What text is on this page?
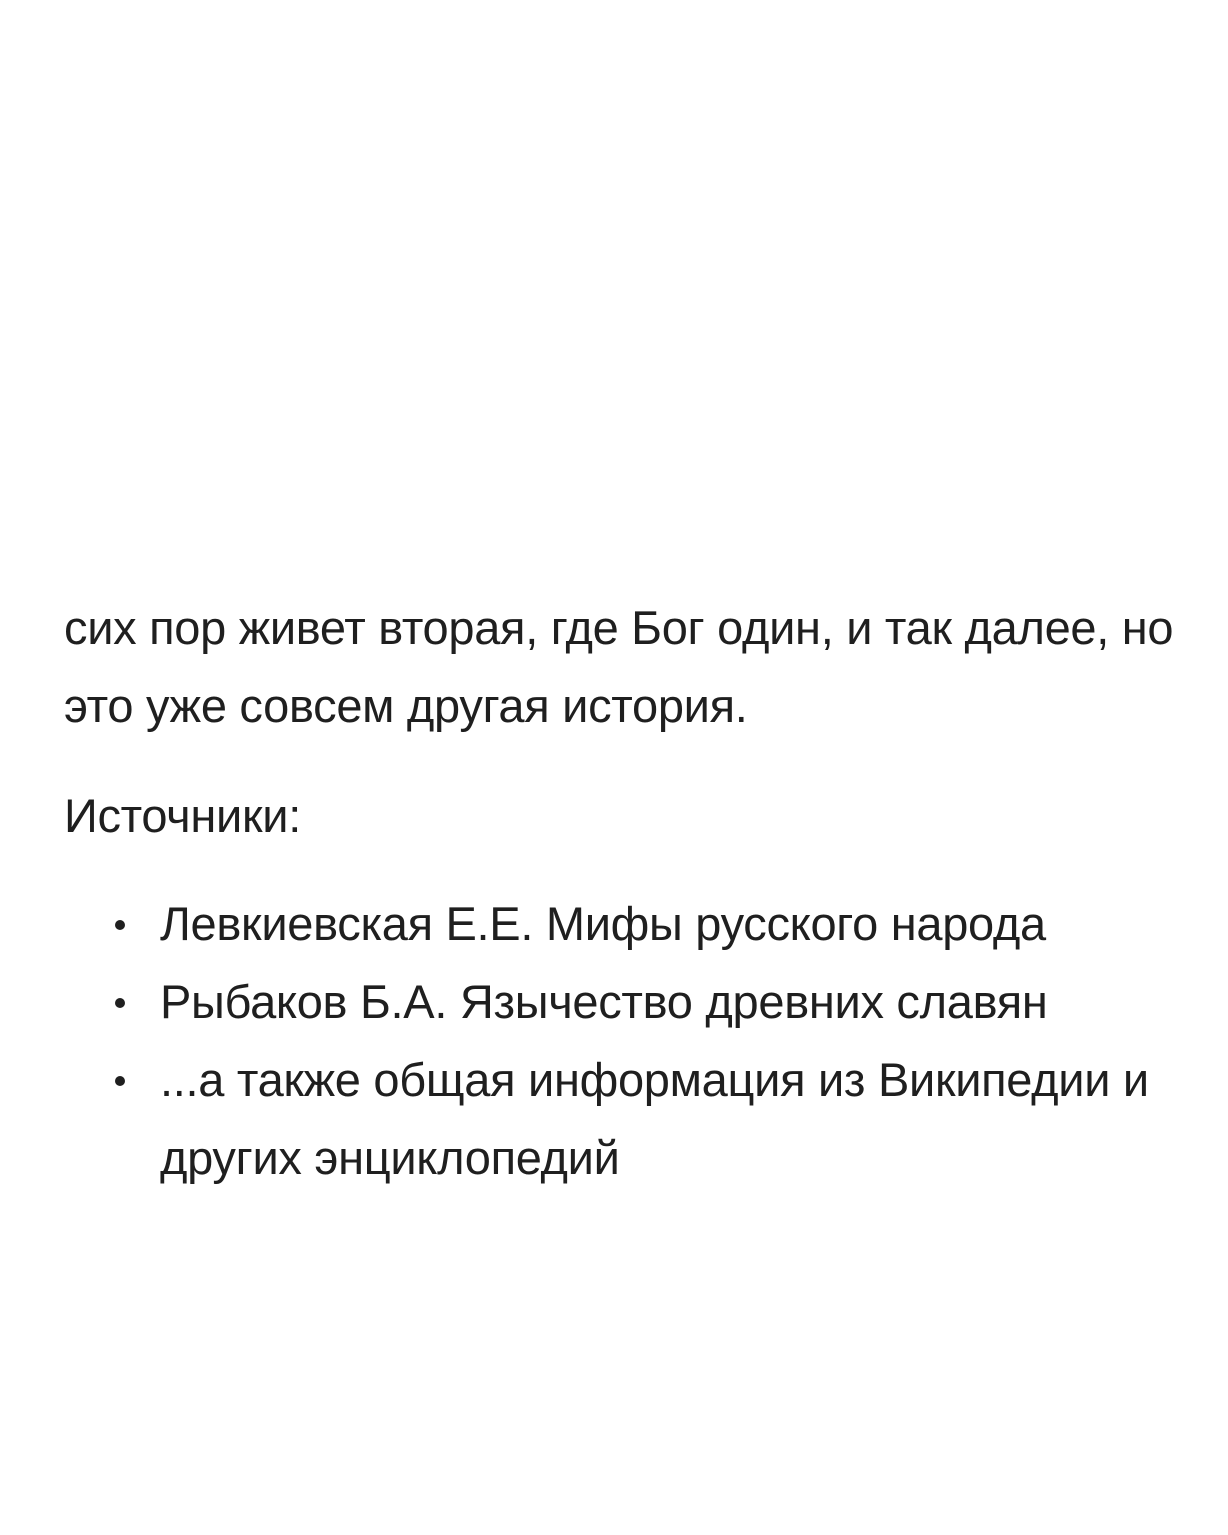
сих пор живет вторая, где Бог один, и так далее, но это уже совсем другая история.

Источники:

Левкиевская Е.Е. Мифы русского народа
Рыбаков Б.А. Язычество древних славян
...а также общая информация из Википедии и других энциклопедий
